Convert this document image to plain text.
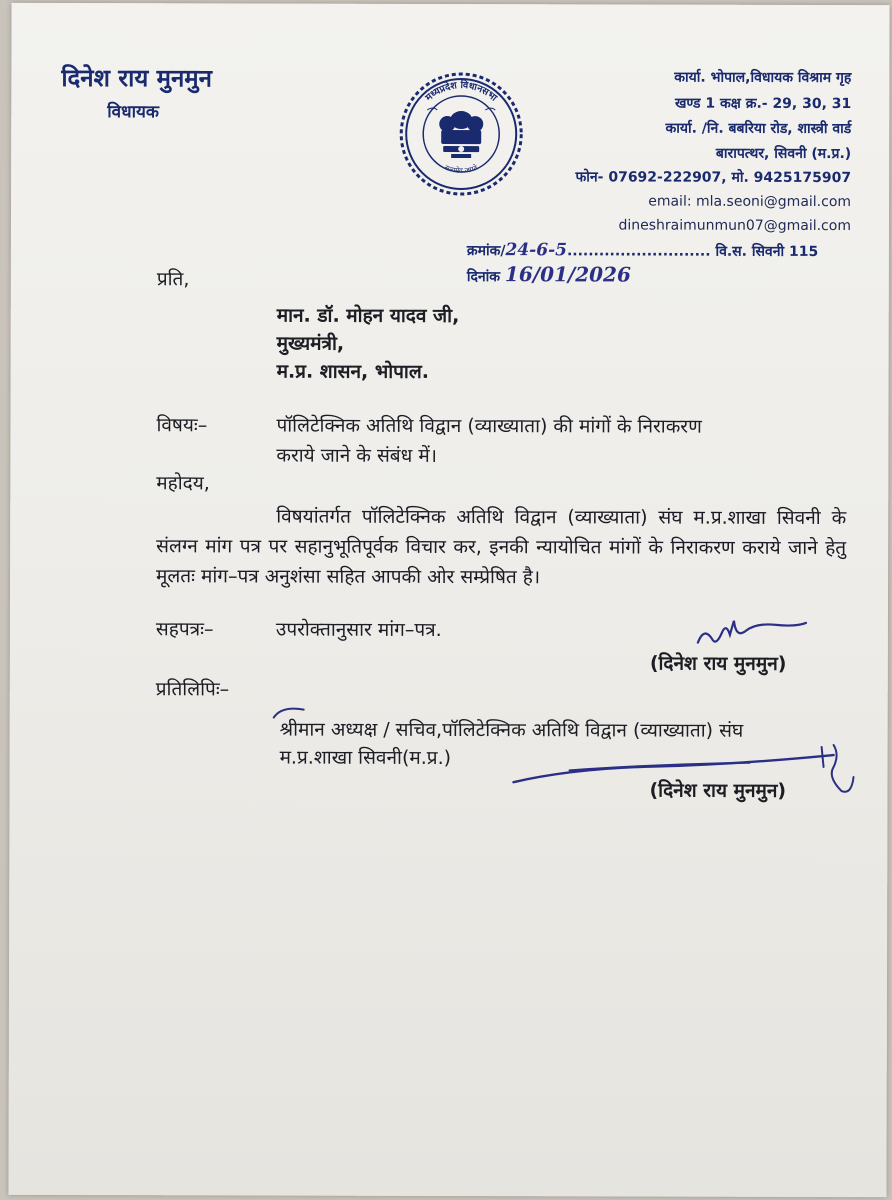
दिनेश राय मुनमुन
विधायक
मध्यप्रदेश विधानसभा
सत्यमेव जयते
कार्या. भोपाल,विधायक विश्राम गृह
खण्ड 1 कक्ष क्र.- 29, 30, 31
कार्या. /नि. बबरिया रोड, शास्त्री वार्ड
बारापत्थर, सिवनी (म.प्र.)
फोन- 07692-222907, मो. 9425175907
email: mla.seoni@gmail.com
dineshraimunmun07@gmail.com
क्रमांक/24-6-5........................... वि.स. सिवनी 115
दिनांक 16/01/2026
प्रति,
मान. डॉ. मोहन यादव जी,
मुख्यमंत्री,
म.प्र. शासन, भोपाल.
विषयः–	पॉलिटेक्निक अतिथि विद्वान (व्याख्याता) की मांगों के निराकरण
कराये जाने के संबंध में।
महोदय,
विषयांतर्गत पॉलिटेक्निक अतिथि विद्वान (व्याख्याता) संघ म.प्र.शाखा सिवनी के संलग्न मांग पत्र पर सहानुभूतिपूर्वक विचार कर, इनकी न्यायोचित मांगों के निराकरण कराये जाने हेतु मूलतः मांग–पत्र अनुशंसा सहित आपकी ओर सम्प्रेषित है।
सहपत्रः–	उपरोक्तानुसार मांग–पत्र.
(दिनेश राय मुनमुन)
प्रतिलिपिः–
श्रीमान अध्यक्ष / सचिव,पॉलिटेक्निक अतिथि विद्वान (व्याख्याता) संघ
म.प्र.शाखा सिवनी(म.प्र.)
(दिनेश राय मुनमुन)
